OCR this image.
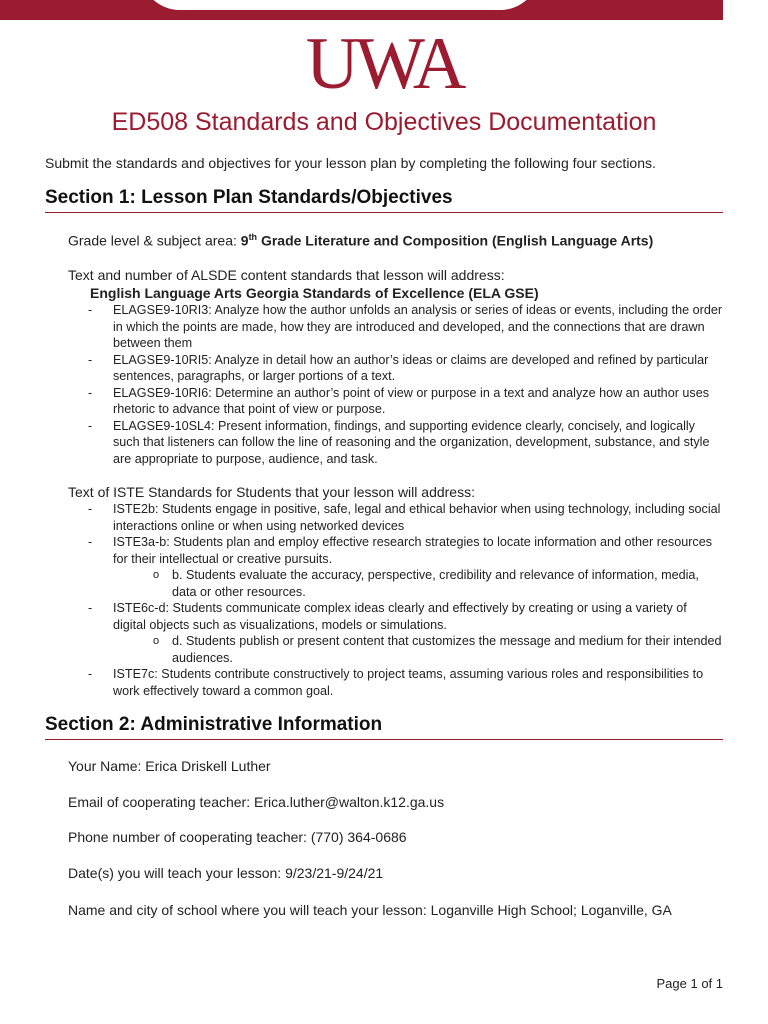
UWA
ED508 Standards and Objectives Documentation
Submit the standards and objectives for your lesson plan by completing the following four sections.
Section 1: Lesson Plan Standards/Objectives
Grade level & subject area: 9th Grade Literature and Composition (English Language Arts)
Text and number of ALSDE content standards that lesson will address:
English Language Arts Georgia Standards of Excellence (ELA GSE)
- ELAGSE9-10RI3: Analyze how the author unfolds an analysis or series of ideas or events, including the order in which the points are made, how they are introduced and developed, and the connections that are drawn between them
- ELAGSE9-10RI5: Analyze in detail how an author’s ideas or claims are developed and refined by particular sentences, paragraphs, or larger portions of a text.
- ELAGSE9-10RI6: Determine an author’s point of view or purpose in a text and analyze how an author uses rhetoric to advance that point of view or purpose.
- ELAGSE9-10SL4: Present information, findings, and supporting evidence clearly, concisely, and logically such that listeners can follow the line of reasoning and the organization, development, substance, and style are appropriate to purpose, audience, and task.
Text of ISTE Standards for Students that your lesson will address:
- ISTE2b: Students engage in positive, safe, legal and ethical behavior when using technology, including social interactions online or when using networked devices
- ISTE3a-b: Students plan and employ effective research strategies to locate information and other resources for their intellectual or creative pursuits.
o b. Students evaluate the accuracy, perspective, credibility and relevance of information, media, data or other resources.
- ISTE6c-d: Students communicate complex ideas clearly and effectively by creating or using a variety of digital objects such as visualizations, models or simulations.
o d. Students publish or present content that customizes the message and medium for their intended audiences.
- ISTE7c: Students contribute constructively to project teams, assuming various roles and responsibilities to work effectively toward a common goal.
Section 2: Administrative Information
Your Name: Erica Driskell Luther
Email of cooperating teacher: Erica.luther@walton.k12.ga.us
Phone number of cooperating teacher: (770) 364-0686
Date(s) you will teach your lesson: 9/23/21-9/24/21
Name and city of school where you will teach your lesson: Loganville High School; Loganville, GA
Page 1 of 1
